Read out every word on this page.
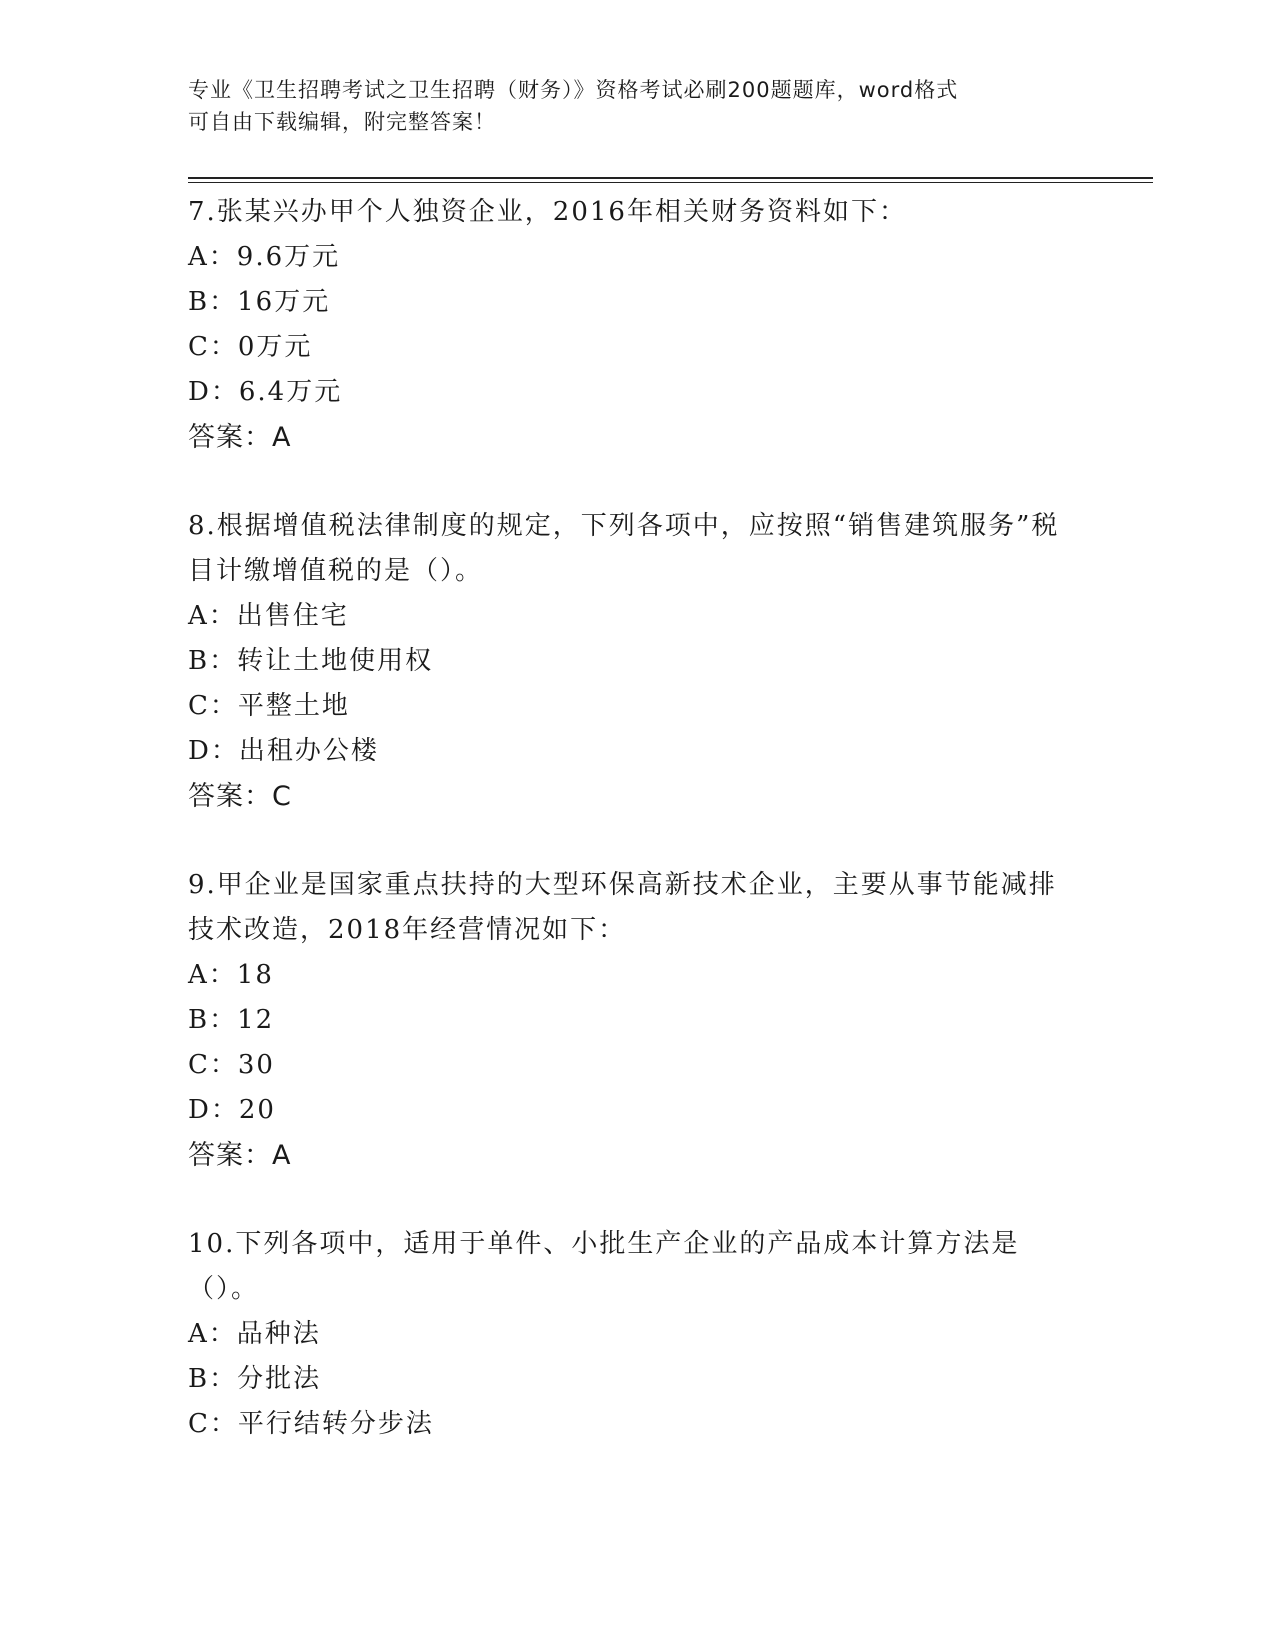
专业《卫生招聘考试之卫生招聘（财务）》资格考试必刷200题题库，word格式
可自由下载编辑，附完整答案！
7.张某兴办甲个人独资企业，2016年相关财务资料如下：
A：9.6万元
B：16万元
C：0万元
D：6.4万元
答案：A
8.根据增值税法律制度的规定，下列各项中，应按照“销售建筑服务”税目计缴增值税的是（）。
A：出售住宅
B：转让土地使用权
C：平整土地
D：出租办公楼
答案：C
9.甲企业是国家重点扶持的大型环保高新技术企业，主要从事节能减排技术改造，2018年经营情况如下：
A：18
B：12
C：30
D：20
答案：A
10.下列各项中，适用于单件、小批生产企业的产品成本计算方法是（）。
A：品种法
B：分批法
C：平行结转分步法
